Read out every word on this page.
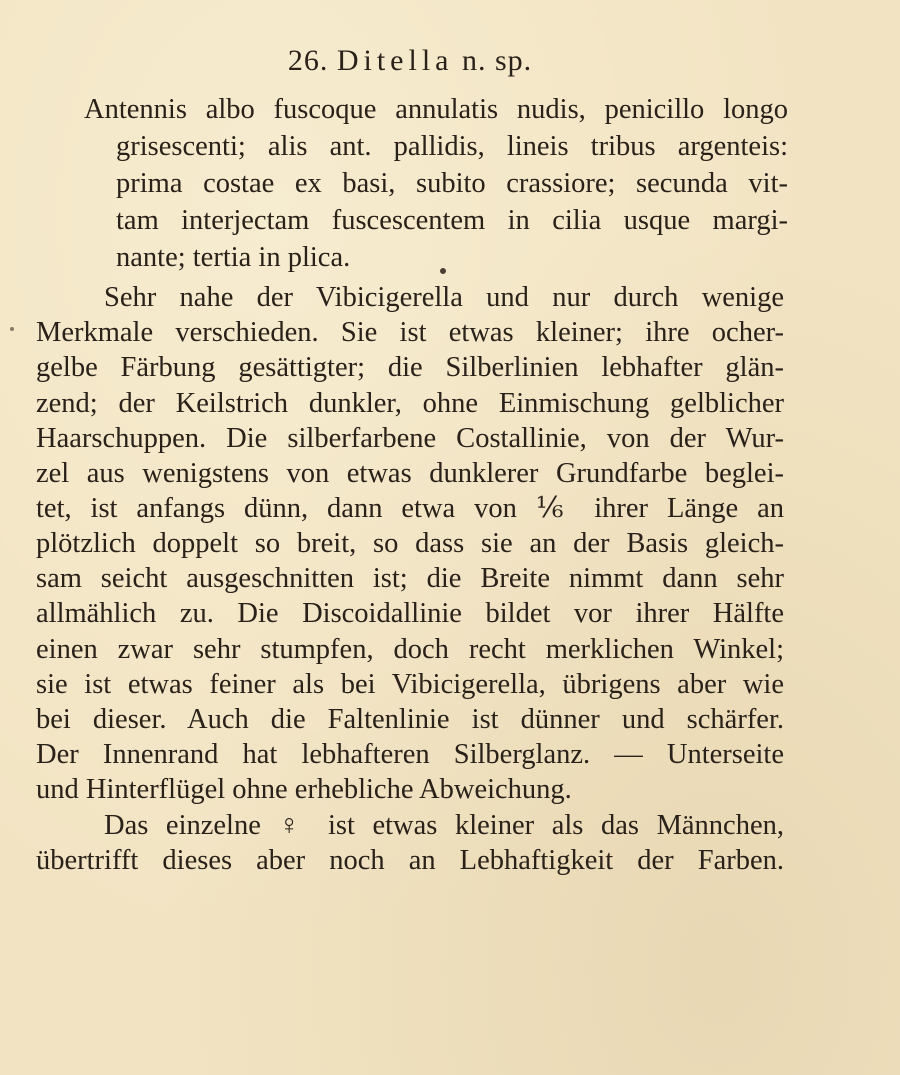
26. Ditella n. sp.
Antennis albo fuscoque annulatis nudis, penicillo longo
grisescenti; alis ant. pallidis, lineis tribus argenteis:
prima costae ex basi, subito crassiore; secunda vit-
tam interjectam fuscescentem in cilia usque margi-
nante; tertia in plica.
Sehr nahe der Vibicigerella und nur durch wenige
Merkmale verschieden. Sie ist etwas kleiner; ihre ocher-
gelbe Färbung gesättigter; die Silberlinien lebhafter glän-
zend; der Keilstrich dunkler, ohne Einmischung gelblicher
Haarschuppen. Die silberfarbene Costallinie, von der Wur-
zel aus wenigstens von etwas dunklerer Grundfarbe beglei-
tet, ist anfangs dünn, dann etwa von ⅙ ihrer Länge an
plötzlich doppelt so breit, so dass sie an der Basis gleich-
sam seicht ausgeschnitten ist; die Breite nimmt dann sehr
allmählich zu. Die Discoidallinie bildet vor ihrer Hälfte
einen zwar sehr stumpfen, doch recht merklichen Winkel;
sie ist etwas feiner als bei Vibicigerella, übrigens aber wie
bei dieser. Auch die Faltenlinie ist dünner und schärfer.
Der Innenrand hat lebhafteren Silberglanz. — Unterseite
und Hinterflügel ohne erhebliche Abweichung.
Das einzelne ♀ ist etwas kleiner als das Männchen,
übertrifft dieses aber noch an Lebhaftigkeit der Farben.
